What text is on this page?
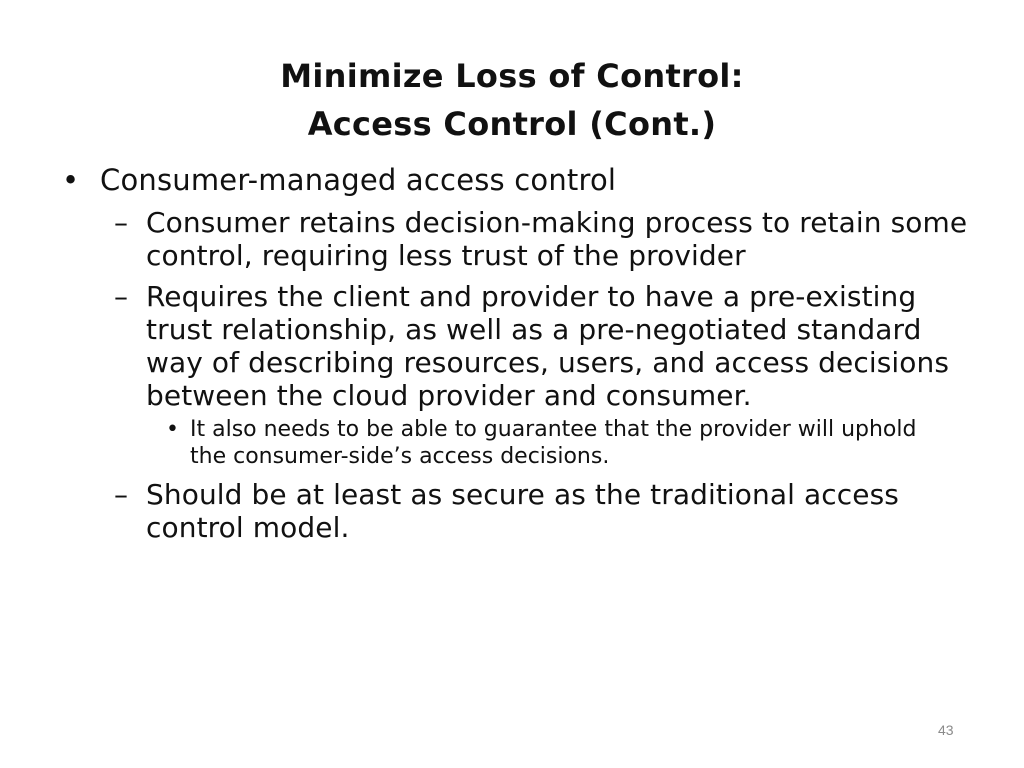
Minimize Loss of Control:
Access Control (Cont.)
• Consumer-managed access control
– Consumer retains decision-making process to retain some control, requiring less trust of the provider
– Requires the client and provider to have a pre-existing trust relationship, as well as a pre-negotiated standard way of describing resources, users, and access decisions between the cloud provider and consumer.
• It also needs to be able to guarantee that the provider will uphold the consumer-side’s access decisions.
– Should be at least as secure as the traditional access control model.
43
